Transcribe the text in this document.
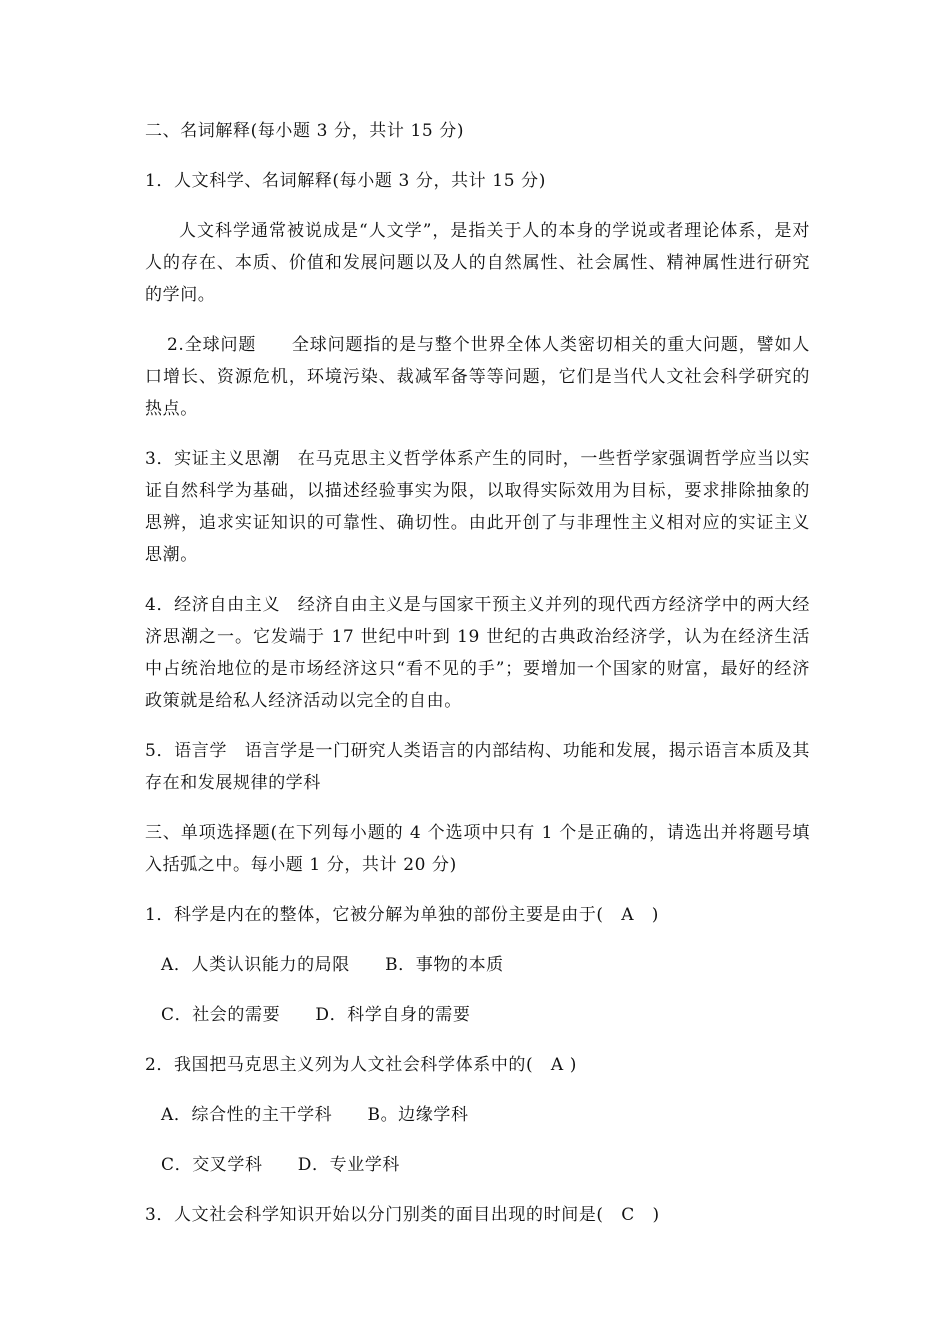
二、名词解释(每小题 3 分，共计 15 分)

1．人文科学、名词解释(每小题 3 分，共计 15 分)

人文科学通常被说成是“人文学”，是指关于人的本身的学说或者理论体系，是对人的存在、本质、价值和发展问题以及人的自然属性、社会属性、精神属性进行研究的学问。

2.全球问题　　全球问题指的是与整个世界全体人类密切相关的重大问题，譬如人口增长、资源危机，环境污染、裁减军备等等问题，它们是当代人文社会科学研究的热点。

3．实证主义思潮　在马克思主义哲学体系产生的同时，一些哲学家强调哲学应当以实证自然科学为基础，以描述经验事实为限，以取得实际效用为目标，要求排除抽象的思辨，追求实证知识的可靠性、确切性。由此开创了与非理性主义相对应的实证主义思潮。

4．经济自由主义　经济自由主义是与国家干预主义并列的现代西方经济学中的两大经济思潮之一。它发端于 17 世纪中叶到 19 世纪的古典政治经济学，认为在经济生活中占统治地位的是市场经济这只“看不见的手”；要增加一个国家的财富，最好的经济政策就是给私人经济活动以完全的自由。

5．语言学　语言学是一门研究人类语言的内部结构、功能和发展，揭示语言本质及其存在和发展规律的学科

三、单项选择题(在下列每小题的 4 个选项中只有 1 个是正确的，请选出并将题号填入括弧之中。每小题 1 分，共计 20 分)

1．科学是内在的整体，它被分解为单独的部份主要是由于(　A　)

A．人类认识能力的局限　　B．事物的本质

C．社会的需要　　D．科学自身的需要

2．我国把马克思主义列为人文社会科学体系中的(　A )

A．综合性的主干学科　　B。边缘学科

C．交叉学科　　D．专业学科

3．人文社会科学知识开始以分门别类的面目出现的时间是(　C　)
